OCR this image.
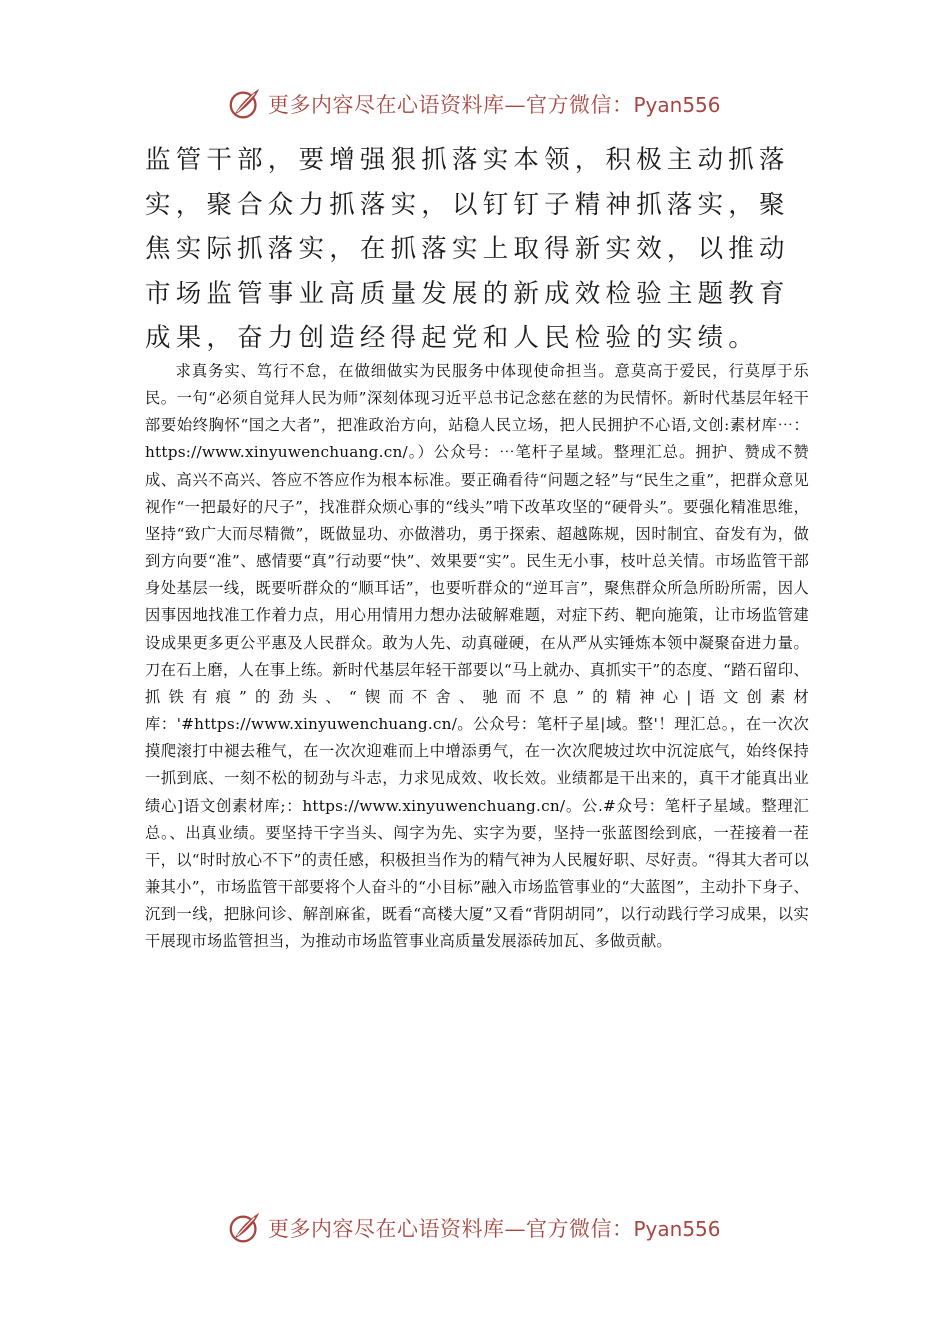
更多内容尽在心语资料库—官方微信：Pyan556

监管干部，要增强狠抓落实本领，积极主动抓落实，聚合众力抓落实，以钉钉子精神抓落实，聚焦实际抓落实，在抓落实上取得新实效，以推动市场监管事业高质量发展的新成效检验主题教育成果，奋力创造经得起党和人民检验的实绩。

求真务实、笃行不怠，在做细做实为民服务中体现使命担当。意莫高于爱民，行莫厚于乐民。一句“必须自觉拜人民为师”深刻体现习近平总书记念慈在慈的为民情怀。新时代基层年轻干部要始终胸怀“国之大者”，把准政治方向，站稳人民立场，把人民拥护不心语,文创:素材库⋯：https://www.xinyuwenchuang.cn/。）公众号：⋯笔杆子星域。整理汇总。拥护、赞成不赞成、高兴不高兴、答应不答应作为根本标准。要正确看待“问题之轻”与“民生之重”，把群众意见视作“一把最好的尺子”，找准群众烦心事的“线头”啃下改革攻坚的“硬骨头”。要强化精准思维，坚持“致广大而尽精微”，既做显功、亦做潜功，勇于探索、超越陈规，因时制宜、奋发有为，做到方向要“准”、感情要“真”行动要“快”、效果要“实”。民生无小事，枝叶总关情。市场监管干部身处基层一线，既要听群众的“顺耳话”，也要听群众的“逆耳言”，聚焦群众所急所盼所需，因人因事因地找准工作着力点，用心用情用力想办法破解难题，对症下药、靶向施策，让市场监管建设成果更多更公平惠及人民群众。敢为人先、动真碰硬，在从严从实锤炼本领中凝聚奋进力量。刀在石上磨，人在事上练。新时代基层年轻干部要以“马上就办、真抓实干”的态度、“踏石留印、抓铁有痕”的劲头、“锲而不舍、驰而不息”的精神心|语文创素材库：'#https://www.xinyuwenchuang.cn/。公众号：笔杆子星|域。整'！理汇总。，在一次次摸爬滚打中褪去稚气，在一次次迎难而上中增添勇气，在一次次爬坡过坎中沉淀底气，始终保持一抓到底、一刻不松的韧劲与斗志，力求见成效、收长效。业绩都是干出来的，真干才能真出业绩心]语文创素材库;：https://www.xinyuwenchuang.cn/。公.#众号：笔杆子星域。整理汇总。、出真业绩。要坚持干字当头、闯字为先、实字为要，坚持一张蓝图绘到底，一茬接着一茬干，以“时时放心不下”的责任感，积极担当作为的精气神为人民履好职、尽好责。“得其大者可以兼其小”，市场监管干部要将个人奋斗的“小目标”融入市场监管事业的“大蓝图”，主动扑下身子、沉到一线，把脉问诊、解剖麻雀，既看“高楼大厦”又看“背阴胡同”，以行动践行学习成果，以实干展现市场监管担当，为推动市场监管事业高质量发展添砖加瓦、多做贡献。

更多内容尽在心语资料库—官方微信：Pyan556
